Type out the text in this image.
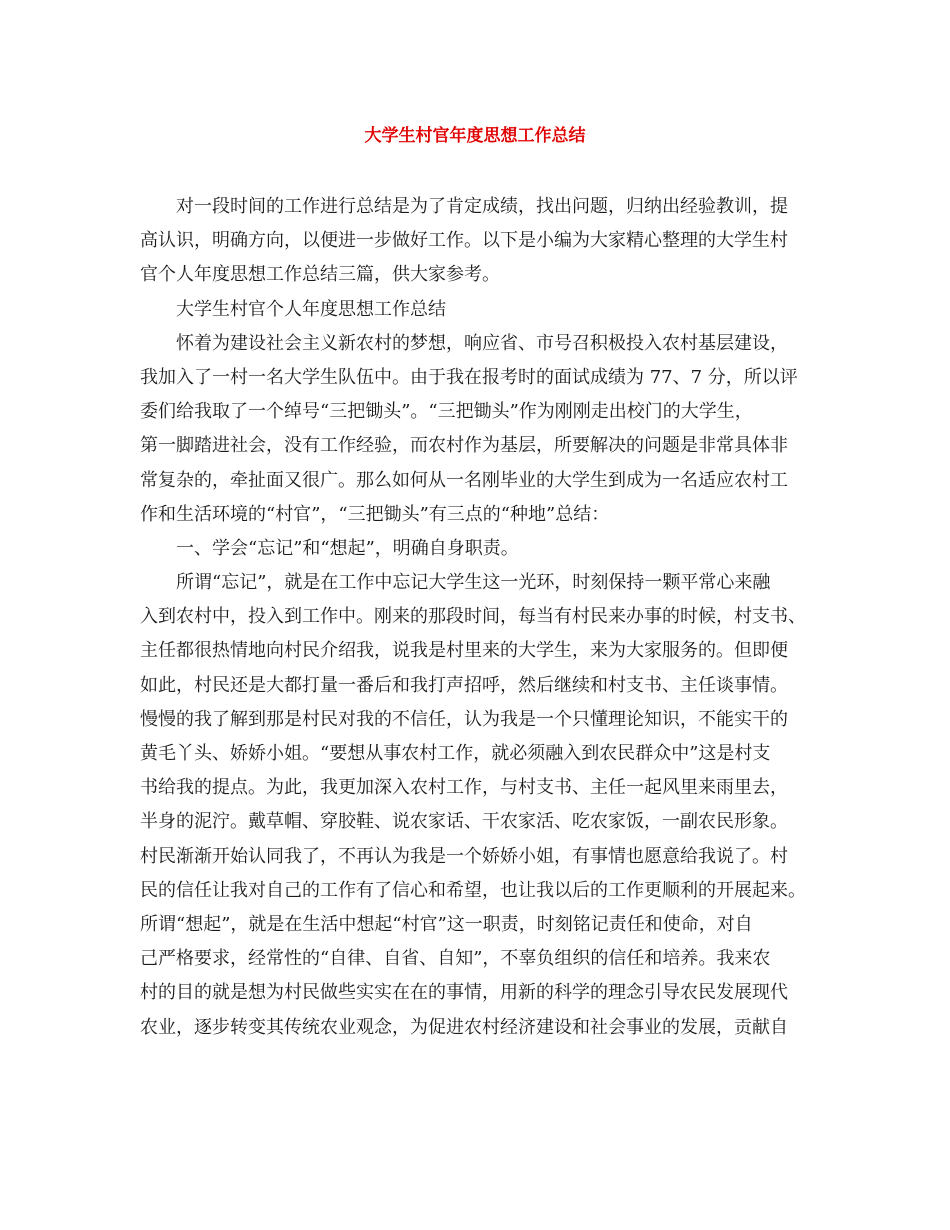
大学生村官年度思想工作总结
对一段时间的工作进行总结是为了肯定成绩，找出问题，归纳出经验教训，提
高认识，明确方向，以便进一步做好工作。以下是小编为大家精心整理的大学生村
官个人年度思想工作总结三篇，供大家参考。
大学生村官个人年度思想工作总结
怀着为建设社会主义新农村的梦想，响应省、市号召积极投入农村基层建设，
我加入了一村一名大学生队伍中。由于我在报考时的面试成绩为 77、7 分，所以评
委们给我取了一个绰号“三把锄头”。“三把锄头”作为刚刚走出校门的大学生，
第一脚踏进社会，没有工作经验，而农村作为基层，所要解决的问题是非常具体非
常复杂的，牵扯面又很广。那么如何从一名刚毕业的大学生到成为一名适应农村工
作和生活环境的“村官”，“三把锄头”有三点的“种地”总结：
一、学会“忘记”和“想起”，明确自身职责。
所谓“忘记”，就是在工作中忘记大学生这一光环，时刻保持一颗平常心来融
入到农村中，投入到工作中。刚来的那段时间，每当有村民来办事的时候，村支书、
主任都很热情地向村民介绍我，说我是村里来的大学生，来为大家服务的。但即便
如此，村民还是大都打量一番后和我打声招呼，然后继续和村支书、主任谈事情。
慢慢的我了解到那是村民对我的不信任，认为我是一个只懂理论知识，不能实干的
黄毛丫头、娇娇小姐。“要想从事农村工作，就必须融入到农民群众中”这是村支
书给我的提点。为此，我更加深入农村工作，与村支书、主任一起风里来雨里去，
半身的泥泞。戴草帽、穿胶鞋、说农家话、干农家活、吃农家饭，一副农民形象。
村民渐渐开始认同我了，不再认为我是一个娇娇小姐，有事情也愿意给我说了。村
民的信任让我对自己的工作有了信心和希望，也让我以后的工作更顺利的开展起来。
所谓“想起”，就是在生活中想起“村官”这一职责，时刻铭记责任和使命，对自
己严格要求，经常性的“自律、自省、自知”，不辜负组织的信任和培养。我来农
村的目的就是想为村民做些实实在在的事情，用新的科学的理念引导农民发展现代
农业，逐步转变其传统农业观念，为促进农村经济建设和社会事业的发展，贡献自
